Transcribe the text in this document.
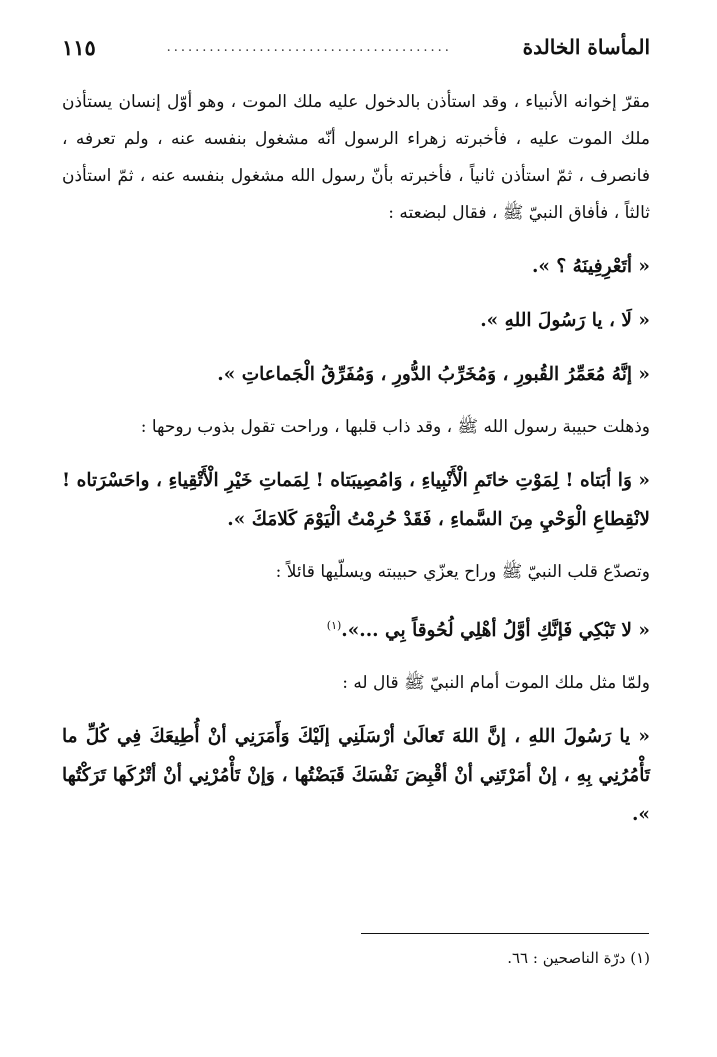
المأساة الخالدة
........................................
١١٥

مقرّ إخوانه الأنبياء ، وقد استأذن بالدخول عليه ملك الموت ، وهو أوّل إنسان يستأذن ملك الموت عليه ، فأخبرته زهراء الرسول أنّه مشغول بنفسه عنه ، ولم تعرفه ، فانصرف ، ثمّ استأذن ثانياً ، فأخبرته بأنّ رسول الله مشغول بنفسه عنه ، ثمّ استأذن ثالثاً ، فأفاق النبيّ ﷺ ، فقال لبضعته :

« أتَعْرِفِينَهُ ؟ ».

« لَا ، يا رَسُولَ اللهِ ».

« إنَّهُ مُعَمِّرُ القُبورِ ، وَمُخَرِّبُ الدُّورِ ، وَمُفَرِّقُ الْجَماعاتِ ».

وذهلت حبيبة رسول الله ﷺ ، وقد ذاب قلبها ، وراحت تقول بذوب روحها :

« وَا أبَتاه ! لِمَوْتِ خاتَمِ الْأَنْبِياءِ ، وَامُصِيبَتاه ! لِمَماتِ خَيْرِ الْأَتْقِياءِ ، واحَسْرَتاه ! لانْقِطاعِ الْوَحْيِ مِنَ السَّماءِ ، فَقَدْ حُرِمْتُ الْيَوْمَ كَلامَكَ ».

وتصدّع قلب النبيّ ﷺ وراح يعزّي حبيبته ويسلّيها قائلاً :

« لا تَبْكِي فَإنَّكِ أوَّلُ أهْلِي لُحُوقاً بِي ...».$^{(١)}$

ولمّا مثل ملك الموت أمام النبيّ ﷺ قال له :

« يا رَسُولَ اللهِ ، إنَّ اللهَ تَعالَىٰ أرْسَلَنِي إلَيْكَ وَأَمَرَنِي أنْ أُطِيعَكَ فِي كُلِّ ما تَأْمُرُنِي بِهِ ، إنْ أمَرْتَنِي أنْ أقْبِضَ نَفْسَكَ قَبَضْتُها ، وَإنْ تَأْمُرْنِي أنْ أتْرُكَها تَرَكْتُها ».

(١) درّة الناصحين : ٦٦.
